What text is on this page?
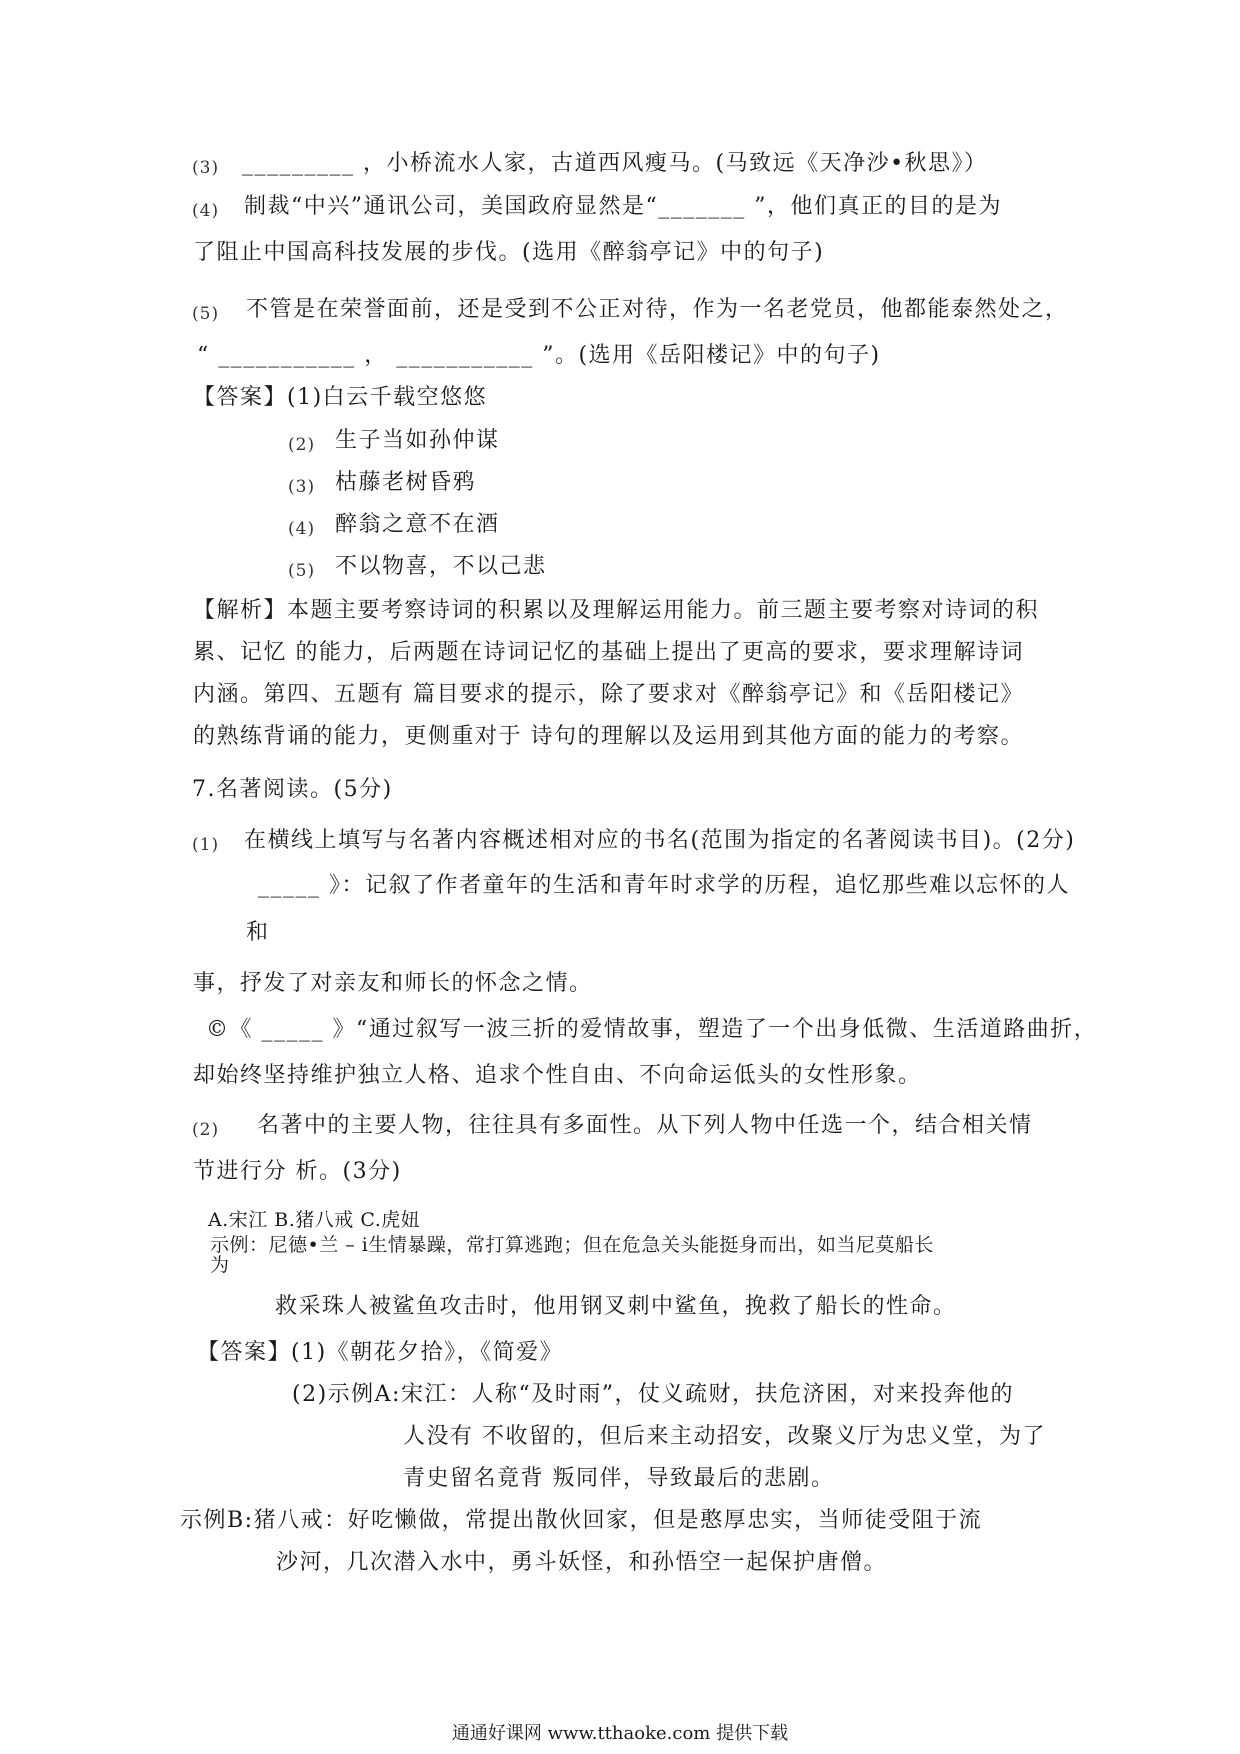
(3) _________ ，小桥流水人家，古道西风瘦马。(马致远《天净沙•秋思》）
(4) 制裁“中兴”通讯公司，美国政府显然是“_______ ”，他们真正的目的是为
了阻止中国高科技发展的步伐。(选用《醉翁亭记》中的句子)
(5) 不管是在荣誉面前，还是受到不公正对待，作为一名老党员，他都能泰然处之，
“ ___________ ， ___________ ”。(选用《岳阳楼记》中的句子)
【答案】(1)白云千载空悠悠
(2) 生子当如孙仲谋
(3) 枯藤老树昏鸦
(4) 醉翁之意不在酒
(5) 不以物喜，不以己悲
【解析】本题主要考察诗词的积累以及理解运用能力。前三题主要考察对诗词的积
累、记忆 的能力，后两题在诗词记忆的基础上提出了更高的要求，要求理解诗词
内涵。第四、五题有 篇目要求的提示，除了要求对《醉翁亭记》和《岳阳楼记》
的熟练背诵的能力，更侧重对于 诗句的理解以及运用到其他方面的能力的考察。
7.名著阅读。(5分)
(1) 在横线上填写与名著内容概述相对应的书名(范围为指定的名著阅读书目)。(2分)
_____ 》：记叙了作者童年的生活和青年时求学的历程，追忆那些难以忘怀的人
和
事，抒发了对亲友和师长的怀念之情。
©《 _____ 》“通过叙写一波三折的爱情故事，塑造了一个出身低微、生活道路曲折，
却始终坚持维护独立人格、追求个性自由、不向命运低头的女性形象。
(2) 名著中的主要人物，往往具有多面性。从下列人物中任选一个，结合相关情
节进行分 析。(3分)
A.宋江 B.猪八戒 C.虎妞
示例：尼德•兰 – i生情暴躁，常打算逃跑；但在危急关头能挺身而出，如当尼莫船长
为
救采珠人被鲨鱼攻击时，他用钢叉刺中鲨鱼，挽救了船长的性命。
【答案】(1)《朝花夕拾》，《简爱》
(2)示例A:宋江：人称“及时雨”，仗义疏财，扶危济困，对来投奔他的
人没有 不收留的，但后来主动招安，改聚义厅为忠义堂，为了
青史留名竟背 叛同伴，导致最后的悲剧。
示例B:猪八戒：好吃懒做，常提出散伙回家，但是憨厚忠实，当师徒受阻于流
沙河，几次潜入水中，勇斗妖怪，和孙悟空一起保护唐僧。
通通好课网 www.tthaoke.com 提供下载
